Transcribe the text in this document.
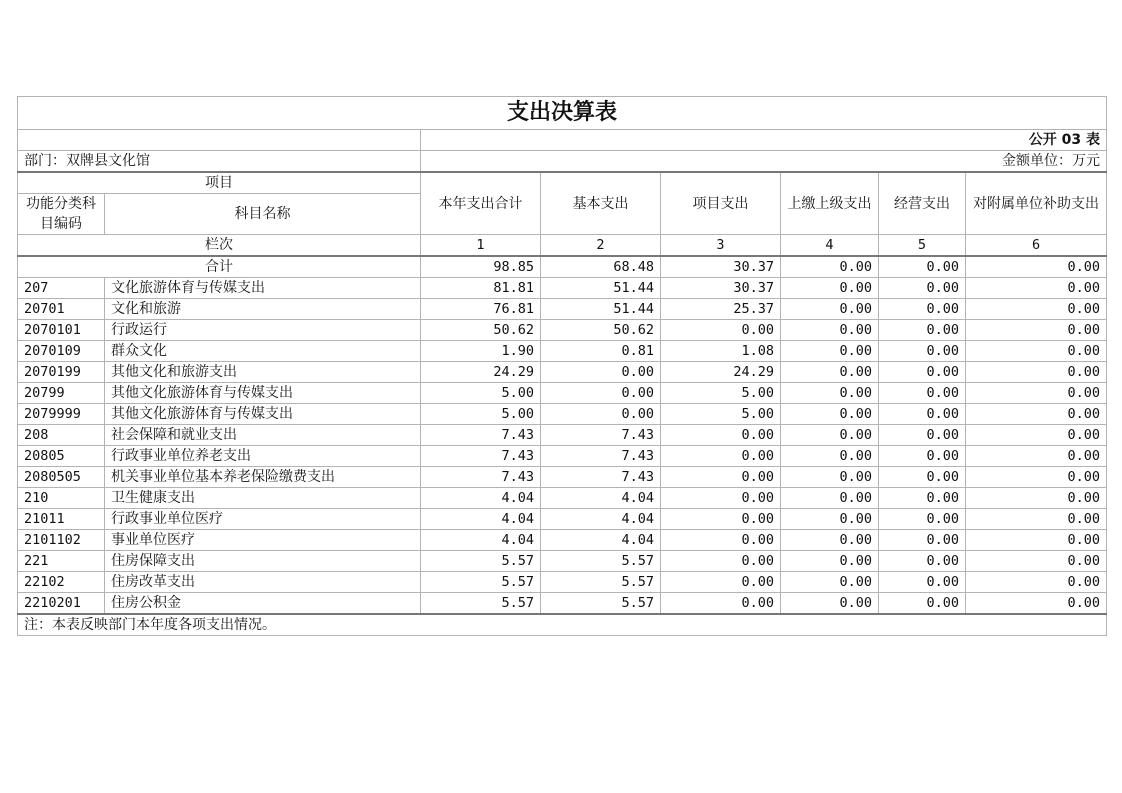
支出决算表							
		公开 03 表					
部门：双牌县文化馆		金额单位：万元					
项目		本年支出合计	基本支出	项目支出	上缴上级支出	经营支出	对附属单位补助支出
功能分类科目编码	科目名称						
栏次		1	2	3	4	5	6
合计		98.85	68.48	30.37	0.00	0.00	0.00
207	文化旅游体育与传媒支出	81.81	51.44	30.37	0.00	0.00	0.00
20701	文化和旅游	76.81	51.44	25.37	0.00	0.00	0.00
2070101	行政运行	50.62	50.62	0.00	0.00	0.00	0.00
2070109	群众文化	1.90	0.81	1.08	0.00	0.00	0.00
2070199	其他文化和旅游支出	24.29	0.00	24.29	0.00	0.00	0.00
20799	其他文化旅游体育与传媒支出	5.00	0.00	5.00	0.00	0.00	0.00
2079999	其他文化旅游体育与传媒支出	5.00	0.00	5.00	0.00	0.00	0.00
208	社会保障和就业支出	7.43	7.43	0.00	0.00	0.00	0.00
20805	行政事业单位养老支出	7.43	7.43	0.00	0.00	0.00	0.00
2080505	机关事业单位基本养老保险缴费支出	7.43	7.43	0.00	0.00	0.00	0.00
210	卫生健康支出	4.04	4.04	0.00	0.00	0.00	0.00
21011	行政事业单位医疗	4.04	4.04	0.00	0.00	0.00	0.00
2101102	事业单位医疗	4.04	4.04	0.00	0.00	0.00	0.00
221	住房保障支出	5.57	5.57	0.00	0.00	0.00	0.00
22102	住房改革支出	5.57	5.57	0.00	0.00	0.00	0.00
2210201	住房公积金	5.57	5.57	0.00	0.00	0.00	0.00
注：本表反映部门本年度各项支出情况。							
